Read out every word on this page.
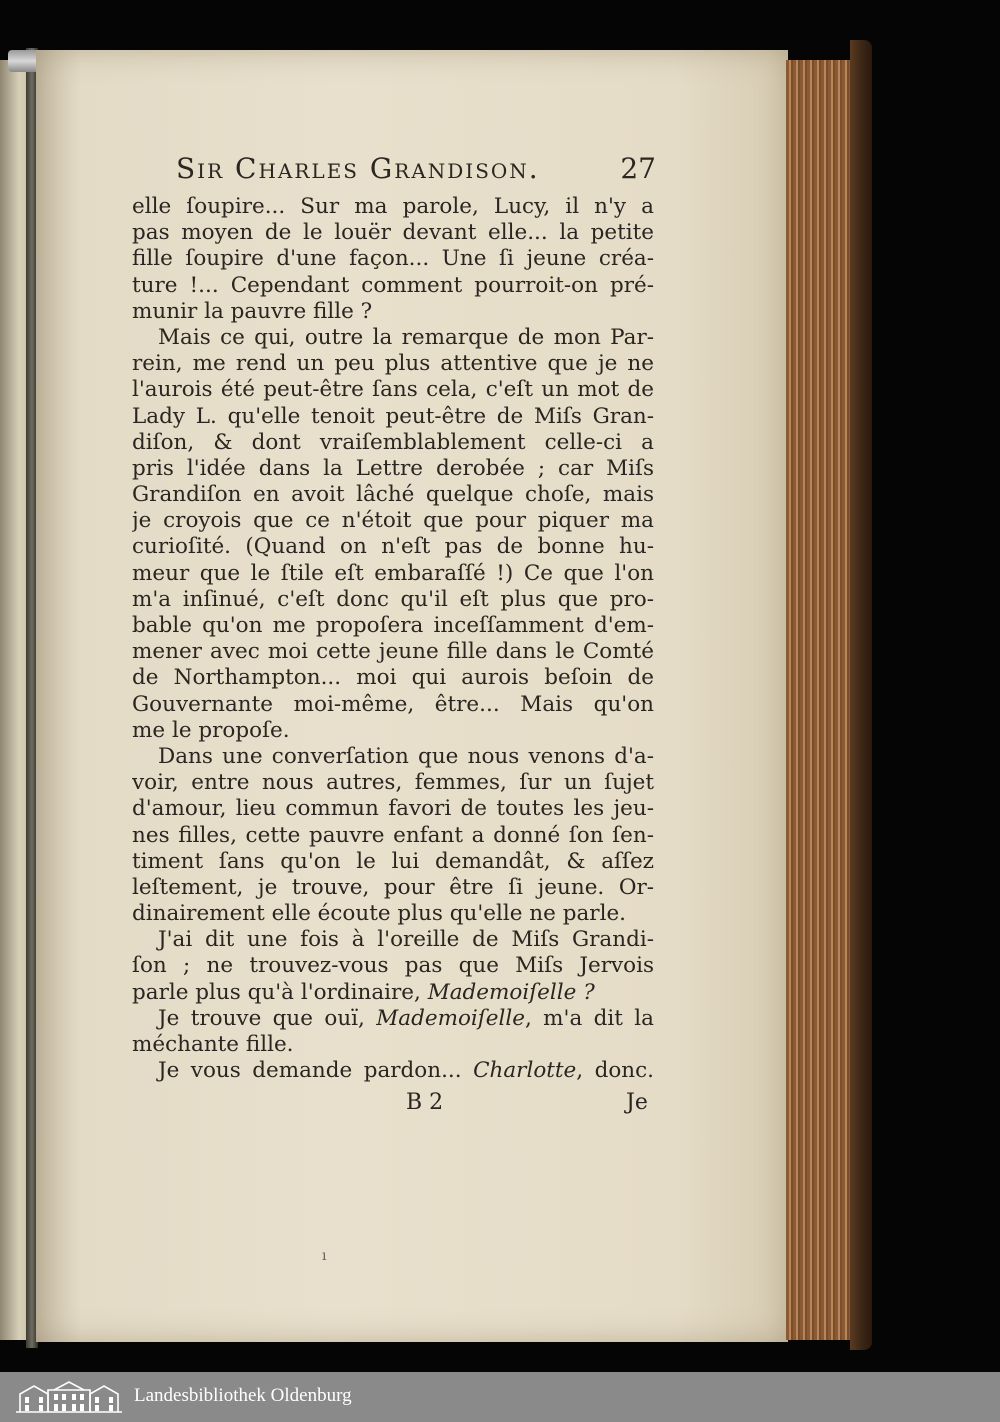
Sir Charles Grandison.	27
elle ſoupire... Sur ma parole, Lucy, il n'y a
pas moyen de le louër devant elle... la petite
fille ſoupire d'une façon... Une ſi jeune créa-
ture !... Cependant comment pourroit-on pré-
munir la pauvre fille ?
Mais ce qui, outre la remarque de mon Par-
rein, me rend un peu plus attentive que je ne
l'aurois été peut-être ſans cela, c'eſt un mot de
Lady L. qu'elle tenoit peut-être de Miſs Gran-
diſon, & dont vraiſemblablement celle-ci a
pris l'idée dans la Lettre derobée ; car Miſs
Grandiſon en avoit lâché quelque choſe, mais
je croyois que ce n'étoit que pour piquer ma
curioſité. (Quand on n'eſt pas de bonne hu-
meur que le ſtile eſt embaraſſé !) Ce que l'on
m'a inſinué, c'eſt donc qu'il eſt plus que pro-
bable qu'on me propoſera inceſſamment d'em-
mener avec moi cette jeune fille dans le Comté
de Northampton... moi qui aurois beſoin de
Gouvernante moi-même, être... Mais qu'on
me le propoſe.
Dans une converſation que nous venons d'a-
voir, entre nous autres, femmes, ſur un ſujet
d'amour, lieu commun favori de toutes les jeu-
nes filles, cette pauvre enfant a donné ſon ſen-
timent ſans qu'on le lui demandât, & aſſez
leſtement, je trouve, pour être ſi jeune. Or-
dinairement elle écoute plus qu'elle ne parle.
J'ai dit une fois à l'oreille de Miſs Grandi-
ſon ; ne trouvez-vous pas que Miſs Jervois
parle plus qu'à l'ordinaire, Mademoiſelle ?
Je trouve que ouï, Mademoiſelle, m'a dit la
méchante fille.
Je vous demande pardon... Charlotte, donc.
B 2	Je
ı
Landesbibliothek Oldenburg
